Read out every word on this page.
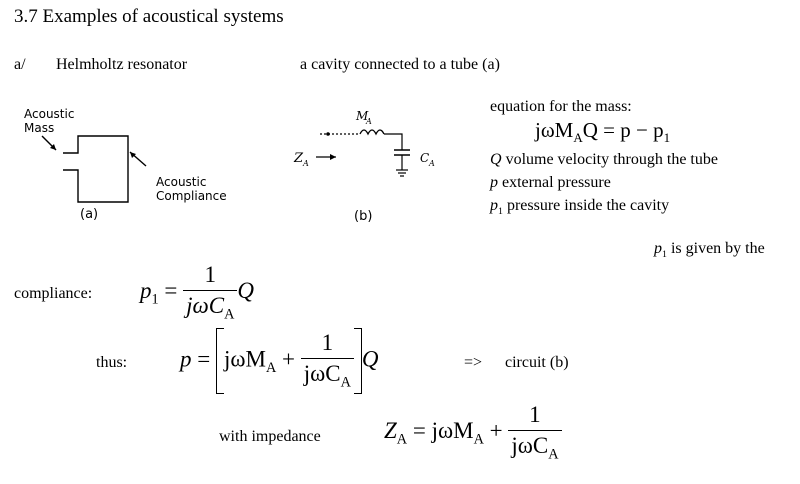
3.7 Examples of acoustical systems
a/ Helmholtz resonator	a cavity connected to a tube (a)
Acoustic
Mass
Acoustic
Compliance
(a)
M
A
C A
Z A
(b)
equation for the mass:
$j\omega M_AQ = p - p_1$
Q volume velocity through the tube
p external pressure
$p_1$ pressure inside the cavity
$p_1$ is given by the
compliance: $p_1 = \frac{1}{j\omega C_A}$ Q
thus: $p = j\omega M_A + \frac{1}{j\omega C_A}$ Q	=> circuit (b)
with impedance	$Z_A = j\omega M_A + \frac{1}{j\omega C_A}$
